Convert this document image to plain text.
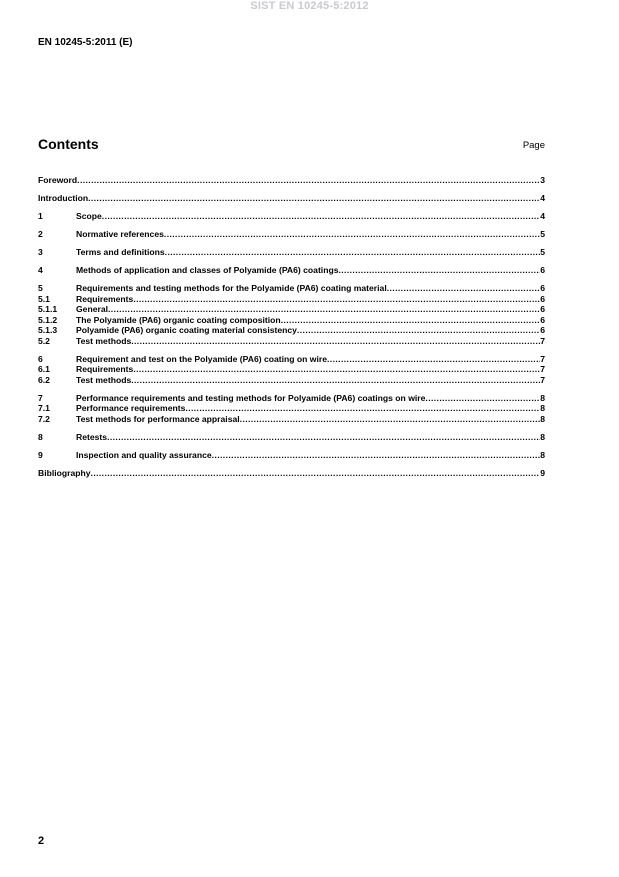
SIST EN 10245-5:2012
EN 10245-5:2011 (E)
Contents	Page
Foreword .....	3
Introduction .....	4
1	Scope .....	4
2	Normative references .....	5
3	Terms and definitions .....	5
4	Methods of application and classes of Polyamide (PA6) coatings .....	6
5	Requirements and testing methods for the Polyamide (PA6) coating material .....	6
5.1	Requirements .....	6
5.1.1	General .....	6
5.1.2	The Polyamide (PA6) organic coating composition .....	6
5.1.3	Polyamide (PA6) organic coating material consistency .....	6
5.2	Test methods .....	7
6	Requirement and test on the Polyamide (PA6) coating on wire .....	7
6.1	Requirements .....	7
6.2	Test methods .....	7
7	Performance requirements and testing methods for Polyamide (PA6) coatings on wire .....	8
7.1	Performance requirements .....	8
7.2	Test methods for performance appraisal .....	8
8	Retests .....	8
9	Inspection and quality assurance .....	8
Bibliography .....	9
2
